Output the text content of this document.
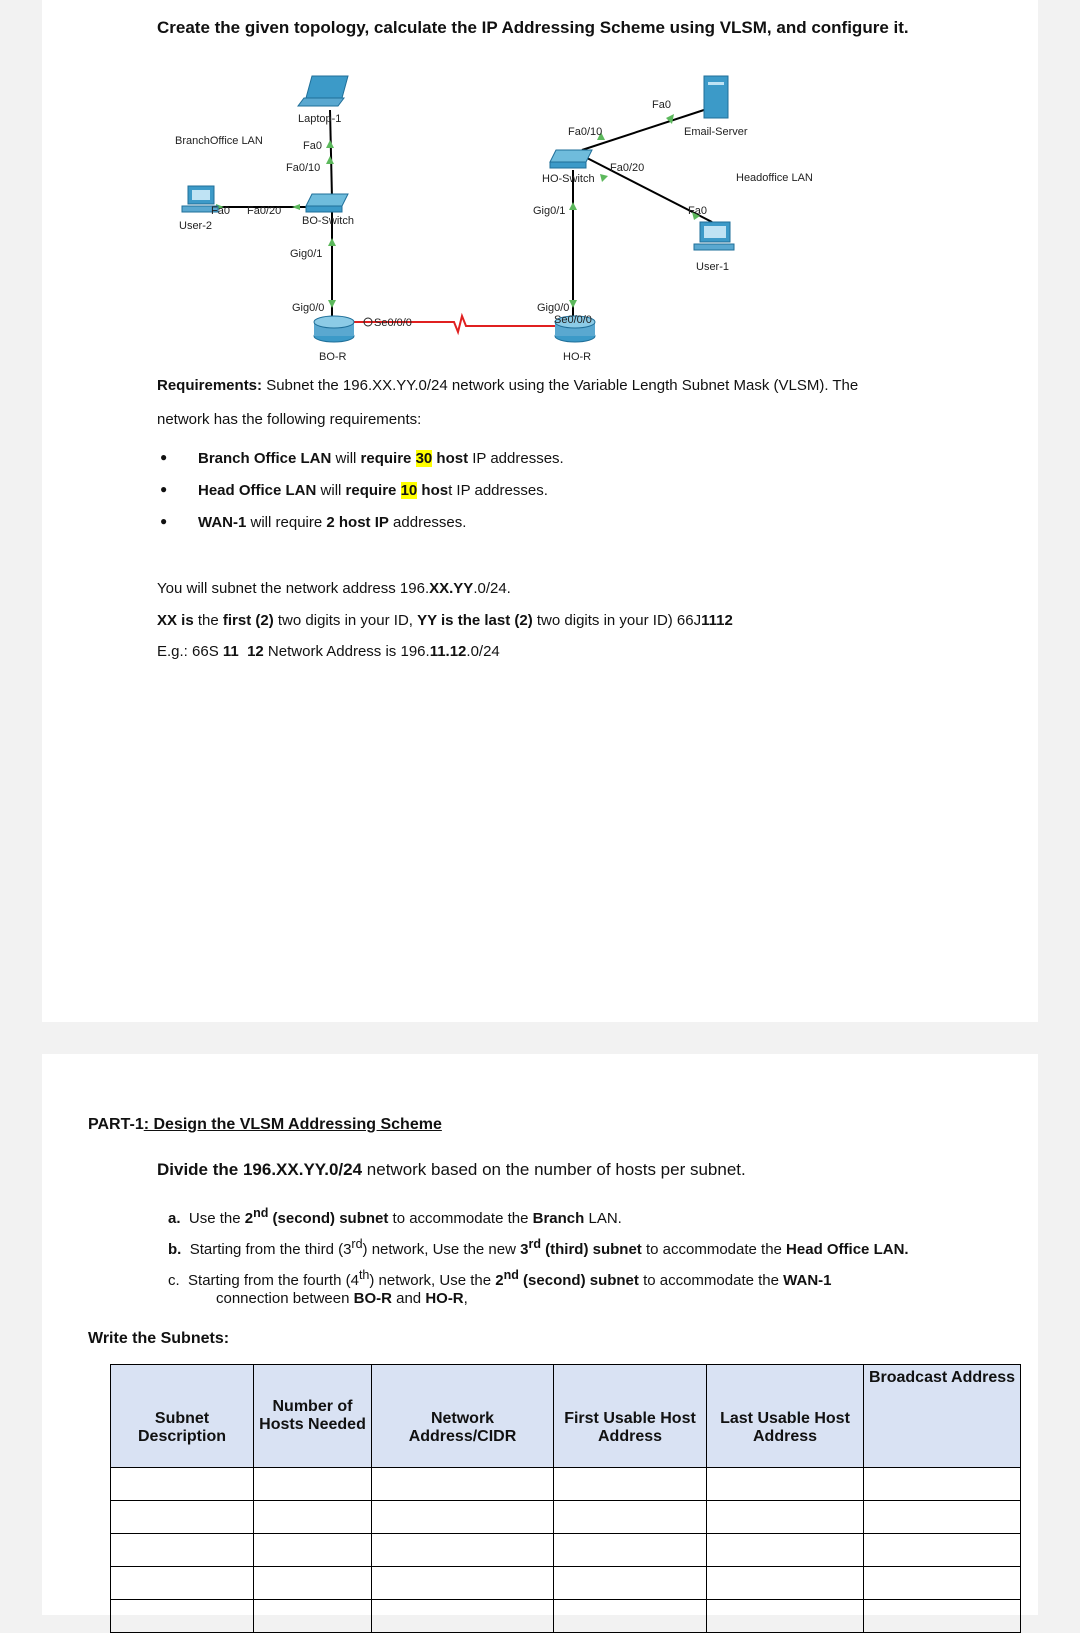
Create the given topology, calculate the IP Addressing Scheme using VLSM, and configure it.
Laptop-1
BranchOffice LAN	Fa0
Fa0/10
Fa0 Fa0/20
User-2	BO-Switch
Gig0/1
Gig0/0
Se0/0/0
BO-R
Fa0
Fa0/10	Email-Server
HO-Switch
Fa0/20
Headoffice LAN
Gig0/1	Fa0
User-1
Gig0/0
Se0/0/0
HO-R
Requirements: Subnet the 196.XX.YY.0/24 network using the Variable Length Subnet Mask (VLSM). The
network has the following requirements:
● Branch Office LAN will require 30 host IP addresses.
● Head Office LAN will require 10 host IP addresses.
● WAN-1 will require 2 host IP addresses.
You will subnet the network address 196.XX.YY.0/24.
XX is the first (2) two digits in your ID, YY is the last (2) two digits in your ID) 66J1112
E.g.: 66S 11 12 Network Address is 196.11.12.0/24
PART-1: Design the VLSM Addressing Scheme
Divide the 196.XX.YY.0/24 network based on the number of hosts per subnet.
a. Use the 2nd (second) subnet to accommodate the Branch LAN.
b. Starting from the third (3rd) network, Use the new 3rd (third) subnet to accommodate the Head Office LAN.
c. Starting from the fourth (4th) network, Use the 2nd (second) subnet to accommodate the WAN-1
connection between BO-R and HO-R,
Write the Subnets:
Subnet Description	Number of Hosts Needed	Network Address/CIDR	First Usable Host Address	Last Usable Host Address	Broadcast Address
